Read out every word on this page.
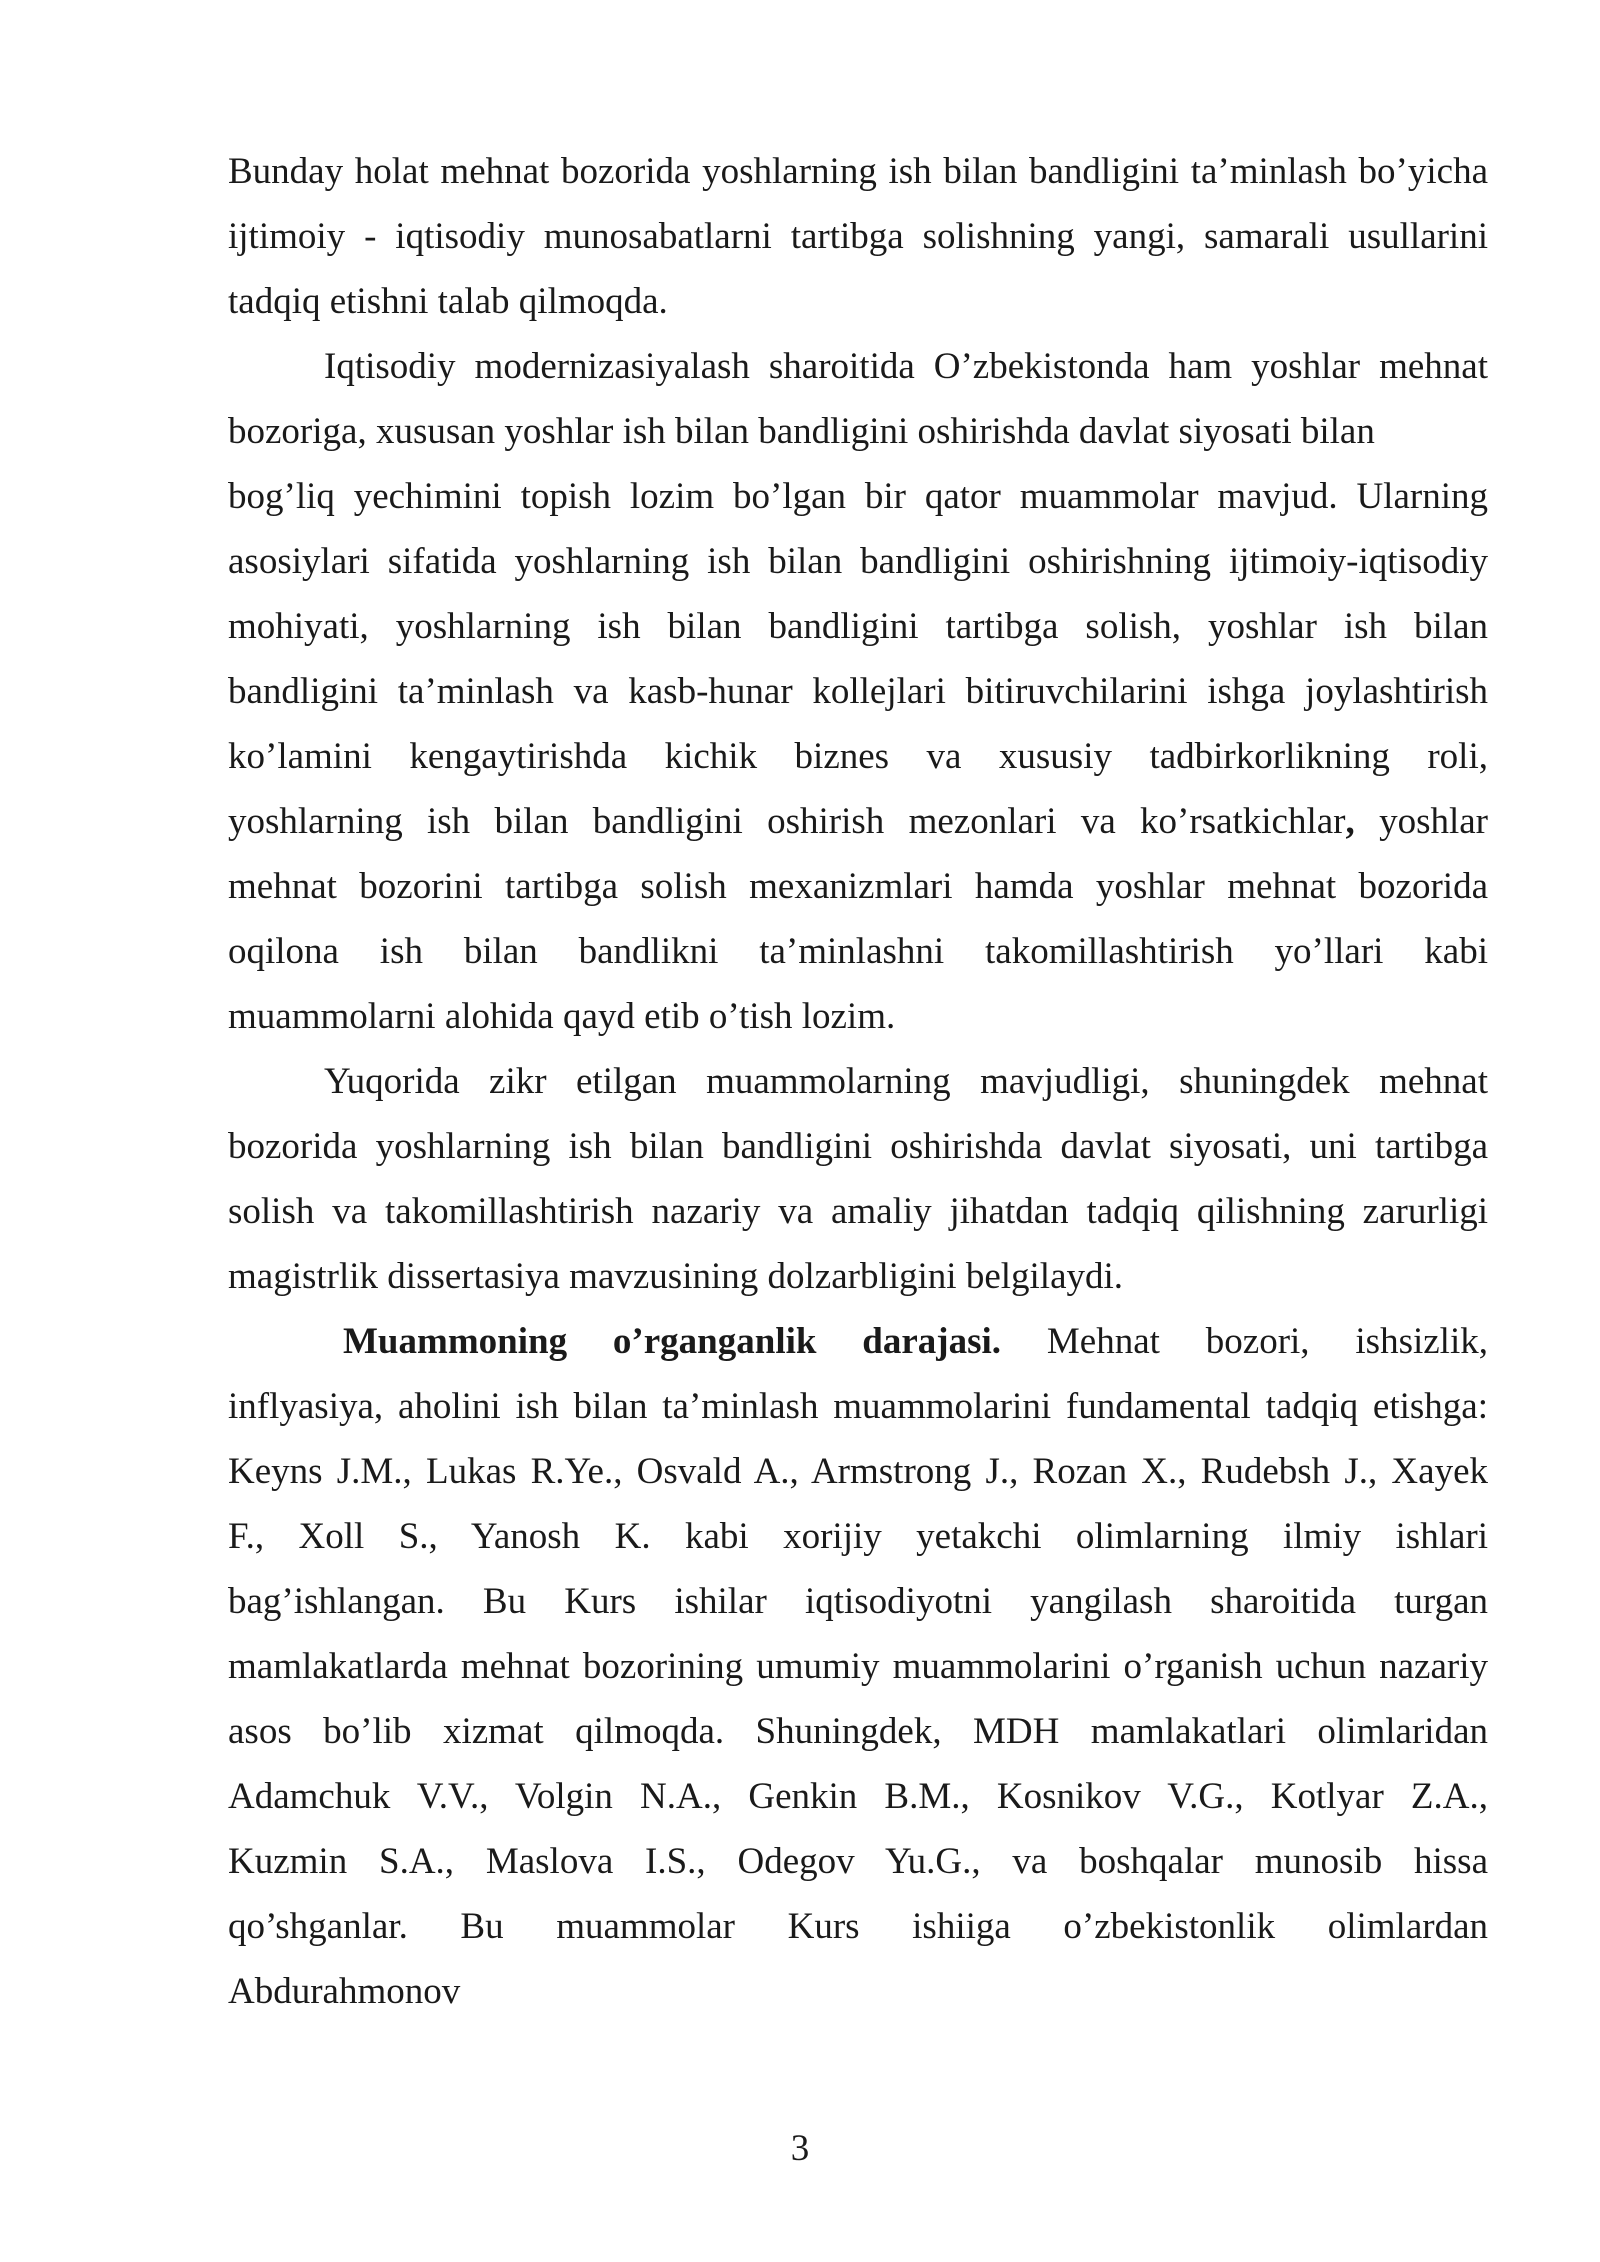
Bunday holat mehnat bozorida yoshlarning ish bilan bandligini ta’minlash bo’yicha
ijtimoiy - iqtisodiy munosabatlarni tartibga solishning yangi, samarali usullarini
tadqiq etishni talab qilmoqda.

Iqtisodiy modernizasiyalash sharoitida O’zbekistonda ham yoshlar mehnat
bozoriga, xususan yoshlar ish bilan bandligini oshirishda davlat siyosati bilan
bog’liq yechimini topish lozim bo’lgan bir qator muammolar mavjud. Ularning
asosiylari sifatida yoshlarning ish bilan bandligini oshirishning ijtimoiy-iqtisodiy
mohiyati, yoshlarning ish bilan bandligini tartibga solish, yoshlar ish bilan
bandligini ta’minlash va kasb-hunar kollejlari bitiruvchilarini ishga joylashtirish
ko’lamini kengaytirishda kichik biznes va xususiy tadbirkorlikning roli,
yoshlarning ish bilan bandligini oshirish mezonlari va ko’rsatkichlar, yoshlar
mehnat bozorini tartibga solish mexanizmlari hamda yoshlar mehnat bozorida
oqilona ish bilan bandlikni ta’minlashni takomillashtirish yo’llari kabi
muammolarni alohida qayd etib o’tish lozim.

Yuqorida zikr etilgan muammolarning mavjudligi, shuningdek mehnat
bozorida yoshlarning ish bilan bandligini oshirishda davlat siyosati, uni tartibga
solish va takomillashtirish nazariy va amaliy jihatdan tadqiq qilishning zarurligi
magistrlik dissertasiya mavzusining dolzarbligini belgilaydi.

Muammoning o’rganganlik darajasi. Mehnat bozori, ishsizlik,
inflyasiya, aholini ish bilan ta’minlash muammolarini fundamental tadqiq etishga:
Keyns J.M., Lukas R.Ye., Osvald A., Armstrong J., Rozan X., Rudebsh J., Xayek
F., Xoll S., Yanosh K. kabi xorijiy yetakchi olimlarning ilmiy ishlari
bag’ishlangan. Bu Kurs ishilar iqtisodiyotni yangilash sharoitida turgan
mamlakatlarda mehnat bozorining umumiy muammolarini o’rganish uchun nazariy
asos bo’lib xizmat qilmoqda. Shuningdek, MDH mamlakatlari olimlaridan
Adamchuk V.V., Volgin N.A., Genkin B.M., Kosnikov V.G., Kotlyar Z.A.,
Kuzmin S.A., Maslova I.S., Odegov Yu.G., va boshqalar munosib hissa
qo’shganlar. Bu muammolar Kurs ishiiga o’zbekistonlik olimlardan
Abdurahmonov

3
